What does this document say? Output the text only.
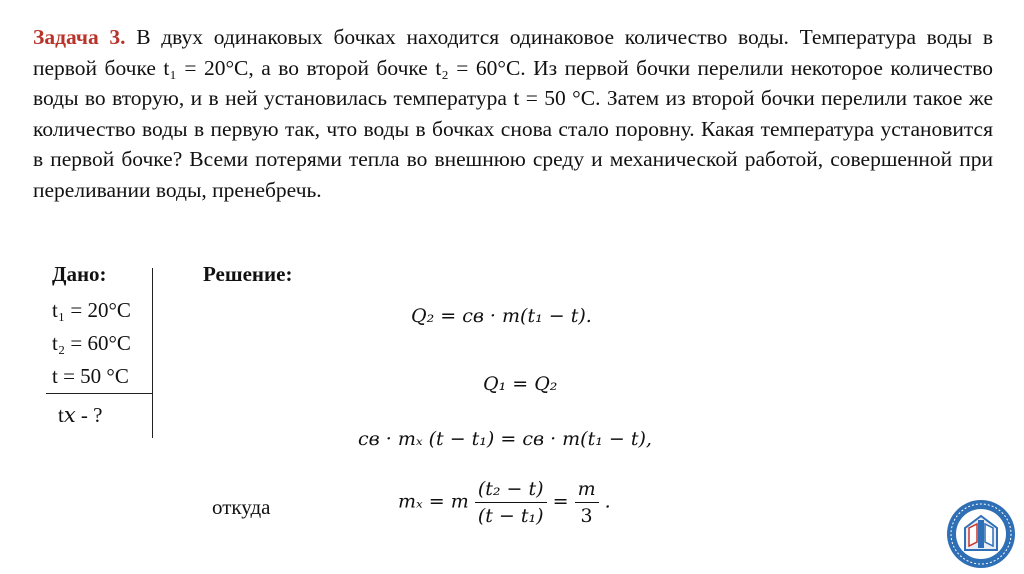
Задача 3. В двух одинаковых бочках находится одинаковое количество воды. Температура воды в первой бочке t₁ = 20°С, а во второй бочке t₂ = 60°С. Из первой бочки перелили некоторое количество воды во вторую, и в ней установилась температура t = 50 °С. Затем из второй бочки перелили такое же количество воды в первую так, что воды в бочках снова стало поровну. Какая температура установится в первой бочке? Всеми потерями тепла во внешнюю среду и механической работой, совершенной при переливании воды, пренебречь.

Дано:
t₁ = 20°C
t₂ = 60°C
t = 50 °C
t𝑥 - ?
Решение:
Q₂ = cв · m(t₁ − t).
Q₁ = Q₂
cв · mₓ (t − t₁) = cв · m(t₁ − t),
откуда	mₓ = m $\frac{\text{(t₂ − t)}}{\text{(t − t₁)}} = \frac{m}{3}$ .
